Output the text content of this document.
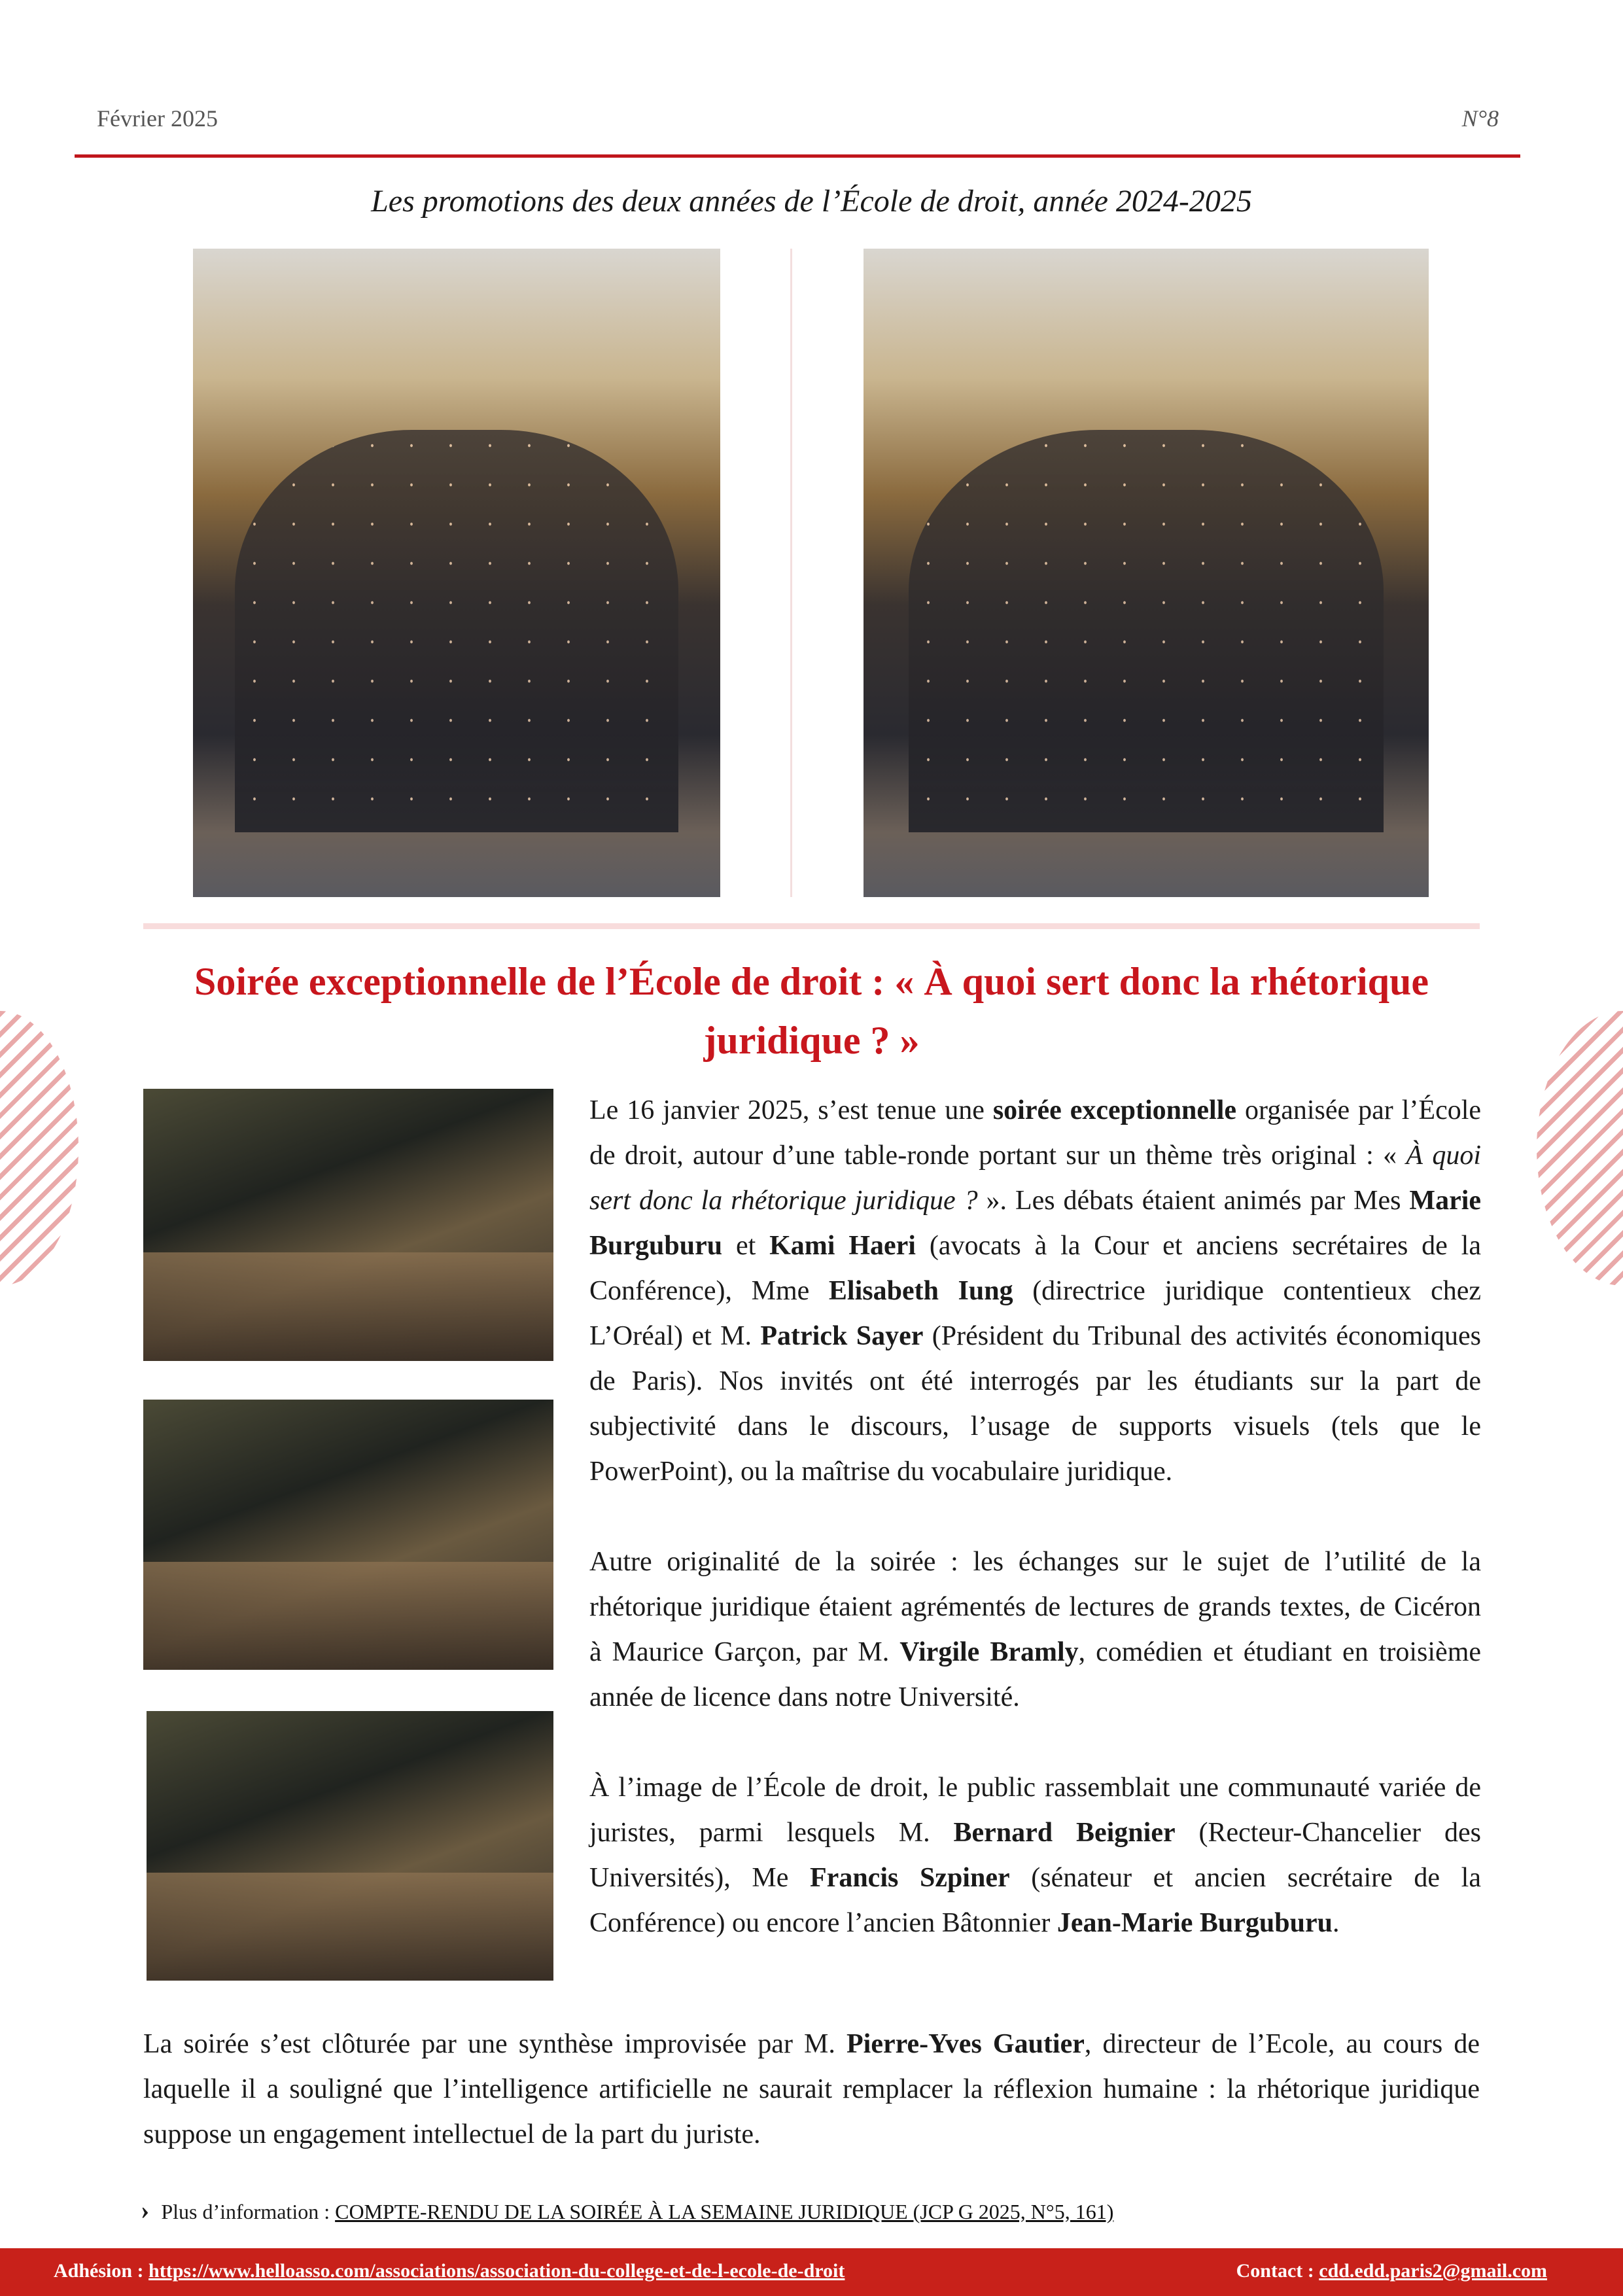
Février 2025	N°8
Les promotions des deux années de l’École de droit, année 2024-2025
Soirée exceptionnelle de l’École de droit : « À quoi sert donc la rhétorique juridique ? »

Le 16 janvier 2025, s’est tenue une soirée exceptionnelle organisée par l’École de droit, autour d’une table-ronde portant sur un thème très original : « À quoi sert donc la rhétorique juridique ? ». Les débats étaient animés par Mes Marie Burguburu et Kami Haeri (avocats à la Cour et anciens secrétaires de la Conférence), Mme Elisabeth Iung (directrice juridique contentieux chez L’Oréal) et M. Patrick Sayer (Président du Tribunal des activités économiques de Paris). Nos invités ont été interrogés par les étudiants sur la part de subjectivité dans le discours, l’usage de supports visuels (tels que le PowerPoint), ou la maîtrise du vocabulaire juridique.

Autre originalité de la soirée : les échanges sur le sujet de l’utilité de la rhétorique juridique étaient agrémentés de lectures de grands textes, de Cicéron à Maurice Garçon, par M. Virgile Bramly, comédien et étudiant en troisième année de licence dans notre Université.

À l’image de l’École de droit, le public rassemblait une communauté variée de juristes, parmi lesquels M. Bernard Beignier (Recteur-Chancelier des Universités), Me Francis Szpiner (sénateur et ancien secrétaire de la Conférence) ou encore l’ancien Bâtonnier Jean-Marie Burguburu.

La soirée s’est clôturée par une synthèse improvisée par M. Pierre-Yves Gautier, directeur de l’Ecole, au cours de laquelle il a souligné que l’intelligence artificielle ne saurait remplacer la réflexion humaine : la rhétorique juridique suppose un engagement intellectuel de la part du juriste.

› Plus d’information : COMPTE-RENDU DE LA SOIRÉE À LA SEMAINE JURIDIQUE (JCP G 2025, N°5, 161)
Adhésion : https://www.helloasso.com/associations/association-du-college-et-de-l-ecole-de-droit	Contact : cdd.edd.paris2@gmail.com
